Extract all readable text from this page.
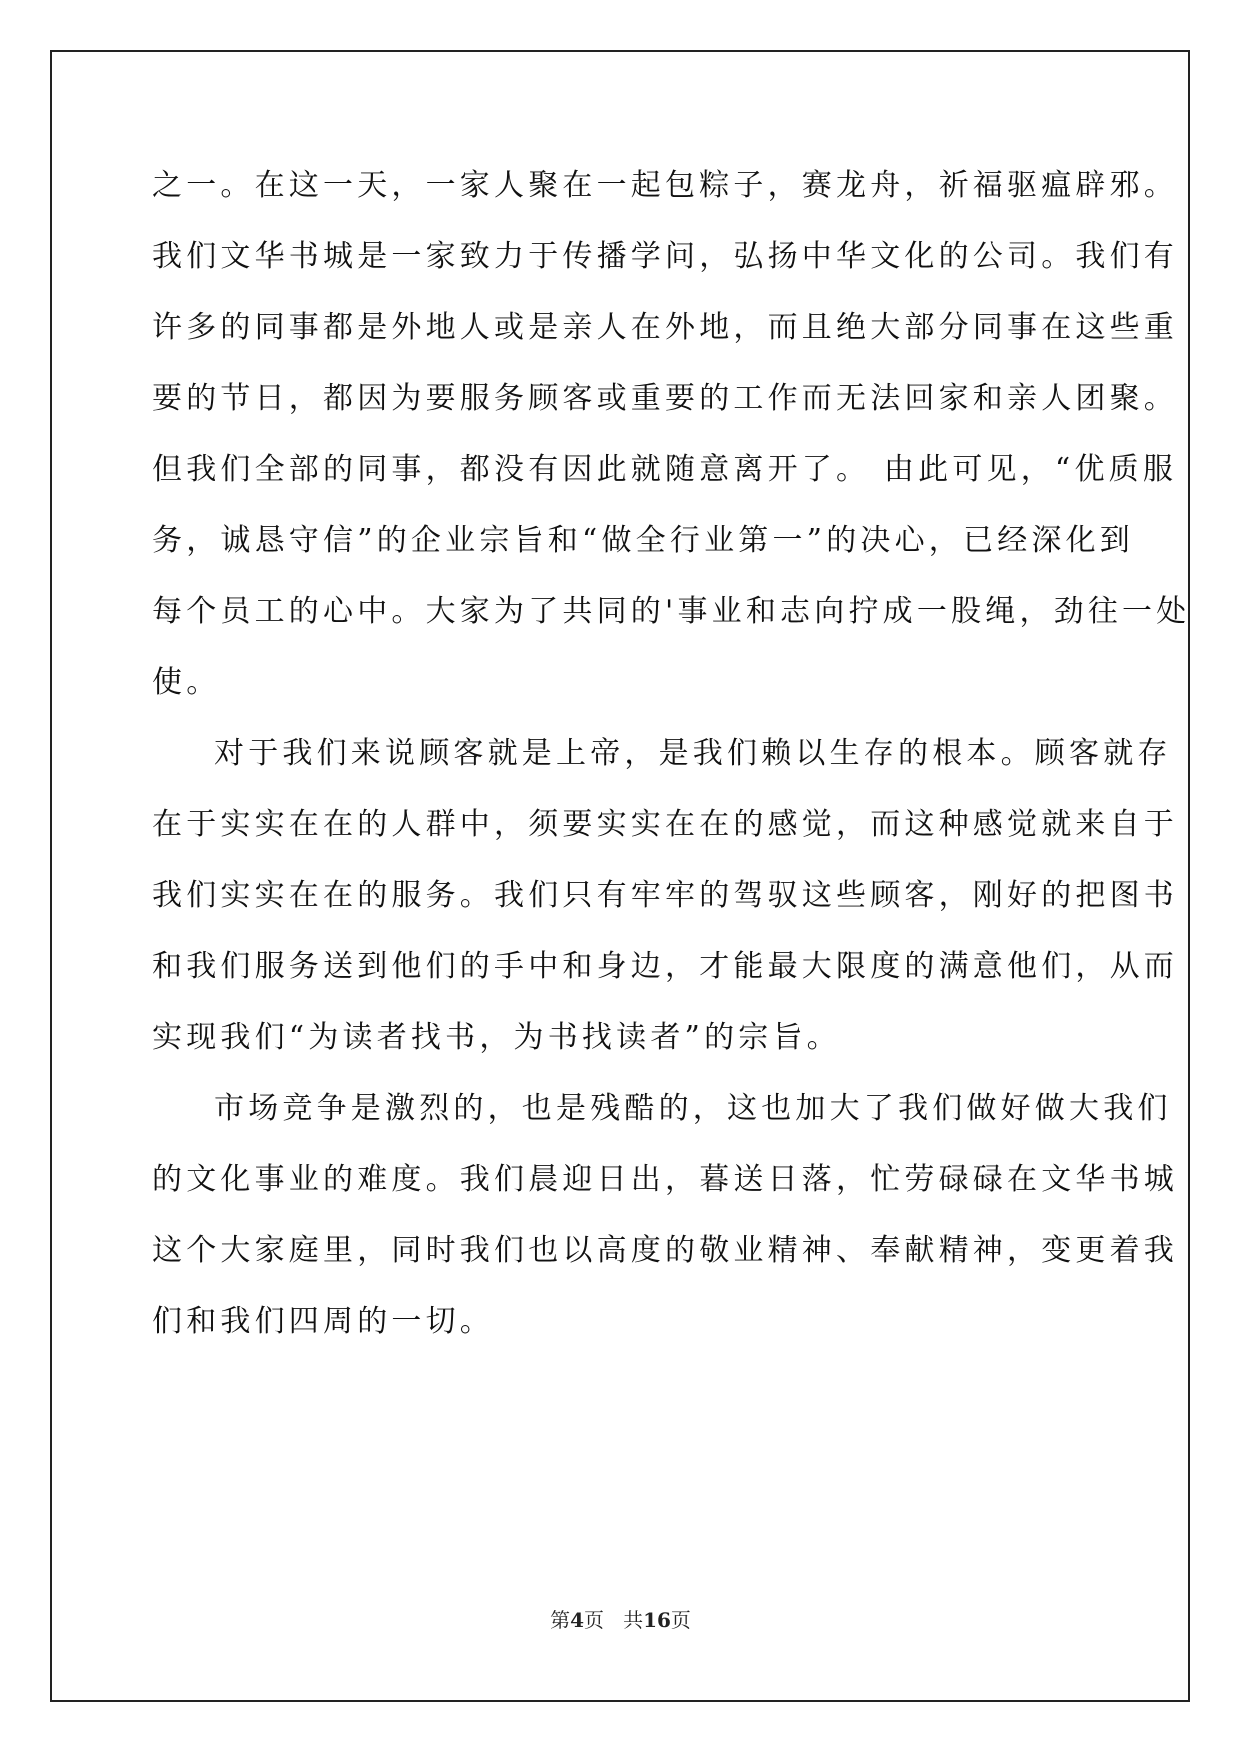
之一。在这一天，一家人聚在一起包粽子，赛龙舟，祈福驱瘟辟邪。

我们文华书城是一家致力于传播学问，弘扬中华文化的公司。我们有

许多的同事都是外地人或是亲人在外地，而且绝大部分同事在这些重

要的节日，都因为要服务顾客或重要的工作而无法回家和亲人团聚。

但我们全部的同事，都没有因此就随意离开了。 由此可见，“优质服

务，诚恳守信”的企业宗旨和“做全行业第一”的决心，已经深化到

每个员工的心中。大家为了共同的'事业和志向拧成一股绳，劲往一处

使。

对于我们来说顾客就是上帝，是我们赖以生存的根本。顾客就存

在于实实在在的人群中，须要实实在在的感觉，而这种感觉就来自于

我们实实在在的服务。我们只有牢牢的驾驭这些顾客，刚好的把图书

和我们服务送到他们的手中和身边，才能最大限度的满意他们，从而

实现我们“为读者找书，为书找读者”的宗旨。

市场竞争是激烈的，也是残酷的，这也加大了我们做好做大我们

的文化事业的难度。我们晨迎日出，暮送日落，忙劳碌碌在文华书城

这个大家庭里，同时我们也以高度的敬业精神、奉献精神，变更着我

们和我们四周的一切。

第4页 共16页
